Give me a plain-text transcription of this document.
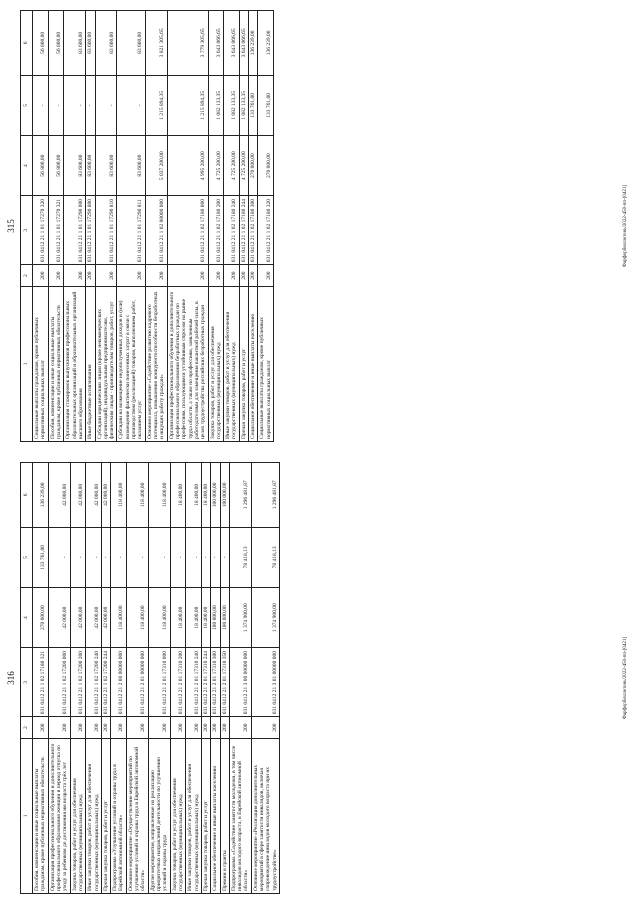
315
1	2	3	4	5	6
Социальные выплаты гражданам, кроме публичных нормативных социальных выплат	200	031 0412 21 1 01 17270 320	56 800,00	-	56 800,00
Пособия, компенсации и иные социальные выплаты гражданам, кроме публичных нормативных обязательств	200	031 0412 21 1 01 17270 321	56 800,00	-	56 800,00
Организация стажировок выпускников профессиональных образовательных организаций и образовательных организаций высшего образования	200	031 0412 21 1 01 17290 000	83 600,00	-	83 600,00
Иные бюджетные ассигнования	200	031 0412 21 1 01 17290 800	83 600,00	-	83 600,00
Субсидии юридическим лицам (кроме некоммерческих организаций), индивидуальным предпринимателям, физическим лицам - производителям товаров, работ, услуг	200	031 0412 21 1 01 17290 810	83 600,00	-	83 600,00
Субсидии на возмещение недополученных доходов и (или) возмещение фактически понесенных затрат в связи с производством (реализацией) товаров, выполнением работ, оказанием услуг	200	031 0412 21 1 01 17290 811	83 600,00	-	83 600,00
Основное мероприятие «Содействие развитию кадрового потенциала, повышению конкурентоспособности безработных и ищущих работу граждан»	200	031 0412 21 1 02 00000 000	5 037 200,00	1 215 894,35	3 821 305,65
Организация профессионального обучения и дополнительного профессионального образования безработных граждан по профессиям, пользующимся устойчивым спросом на рынке труда области, а также по профессиям, заявленным работодателями для замещения вакантной рабочей силы, в целях трудоустройства российских безработных граждан	200	031 0412 21 1 02 17180 000	4 995 200,00	1 215 894,35	3 779 305,65
Закупка товаров, работ и услуг для обеспечения государственных (муниципальных) нужд	200	031 0412 21 1 02 17180 200	4 725 200,00	1 082 133,35	3 643 066,65
Иные закупки товаров, работ и услуг для обеспечения государственных (муниципальных) нужд	200	031 0412 21 1 02 17180 240	4 725 200,00	1 082 133,35	3 643 066,65
Прочая закупка товаров, работ и услуг	200	031 0412 21 1 02 17180 244	4 725 200,00	1 082 133,35	3 643 066,65
Социальное обеспечение и иные выплаты населению	200	031 0412 21 1 02 17180 300	270 000,00	133 761,00	136 239,00
Социальные выплаты гражданам, кроме публичных нормативных социальных выплат	200	031 0412 21 1 02 17180 320	270 000,00	133 761,00	136 239,00
Фарфорбюллетень/2022-450-пп-[0421]
316
1	2	3	4	5	6
Пособия, компенсации и иные социальные выплаты гражданам, кроме публичных нормативных обязательств	200	031 0412 21 1 02 17180 321	270 000,00	133 761,00	136 239,00
Организация профессионального обучения и дополнительного профессионального образования женщин в период отпуска по уходу за ребенком до достижения им возраста трёх лет	200	031 0412 21 1 02 17200 000	42 000,00	-	42 000,00
Закупка товаров, работ и услуг для обеспечения государственных (муниципальных) нужд	200	031 0412 21 1 02 17200 200	42 000,00	-	42 000,00
Иные закупки товаров, работ и услуг для обеспечения государственных (муниципальных) нужд	200	031 0412 21 1 02 17200 240	42 000,00	-	42 000,00
Прочая закупка товаров, работ и услуг	200	031 0412 21 1 02 17200 244	42 000,00	-	42 000,00
Подпрограмма «Улучшение условий и охраны труда в Еврейской автономной области»	200	031 0412 21 2 00 00000 000	118 400,00	-	118 400,00
Основное мероприятие «Осуществление мероприятий по улучшению условий и охраны труда в Еврейской автономной области»	200	031 0412 21 2 01 00000 000	118 400,00	-	118 400,00
Другие мероприятия, направленные на реализацию приоритетных направлений деятельности по улучшению условий и охраны труда	200	031 0412 21 2 01 17310 000	118 400,00	-	118 400,00
Закупка товаров, работ и услуг для обеспечения государственных (муниципальных) нужд	200	031 0412 21 2 01 17310 200	18 400,00	-	18 400,00
Иные закупки товаров, работ и услуг для обеспечения государственных (муниципальных) нужд	200	031 0412 21 2 01 17310 240	18 400,00	-	18 400,00
Прочая закупка товаров, работ и услуг	200	031 0412 21 2 01 17310 244	18 400,00	-	18 400,00
Социальное обеспечение и иные выплаты населению	200	031 0412 21 2 01 17310 300	100 000,00	-	100 000,00
Премии и гранты	200	031 0412 21 2 01 17310 350	100 000,00	-	100 000,00
Подпрограмма «Содействие занятости молодежи, в том числе инвалидов молодого возраста, в Еврейской автономной области»	200	031 0412 21 3 00 00000 000	1 374 900,00	78 418,13	1 296 481,87
Основное мероприятие «Реализация дополнительных мероприятий в сфере занятости инвалидов, включая сопровождение инвалидов молодого возраста при их трудоустройстве»	200	031 0412 21 3 01 00000 000	1 374 900,00	78 418,13	1 296 481,87
Фарфорбюллетень/2022-450-пп-[0421]
